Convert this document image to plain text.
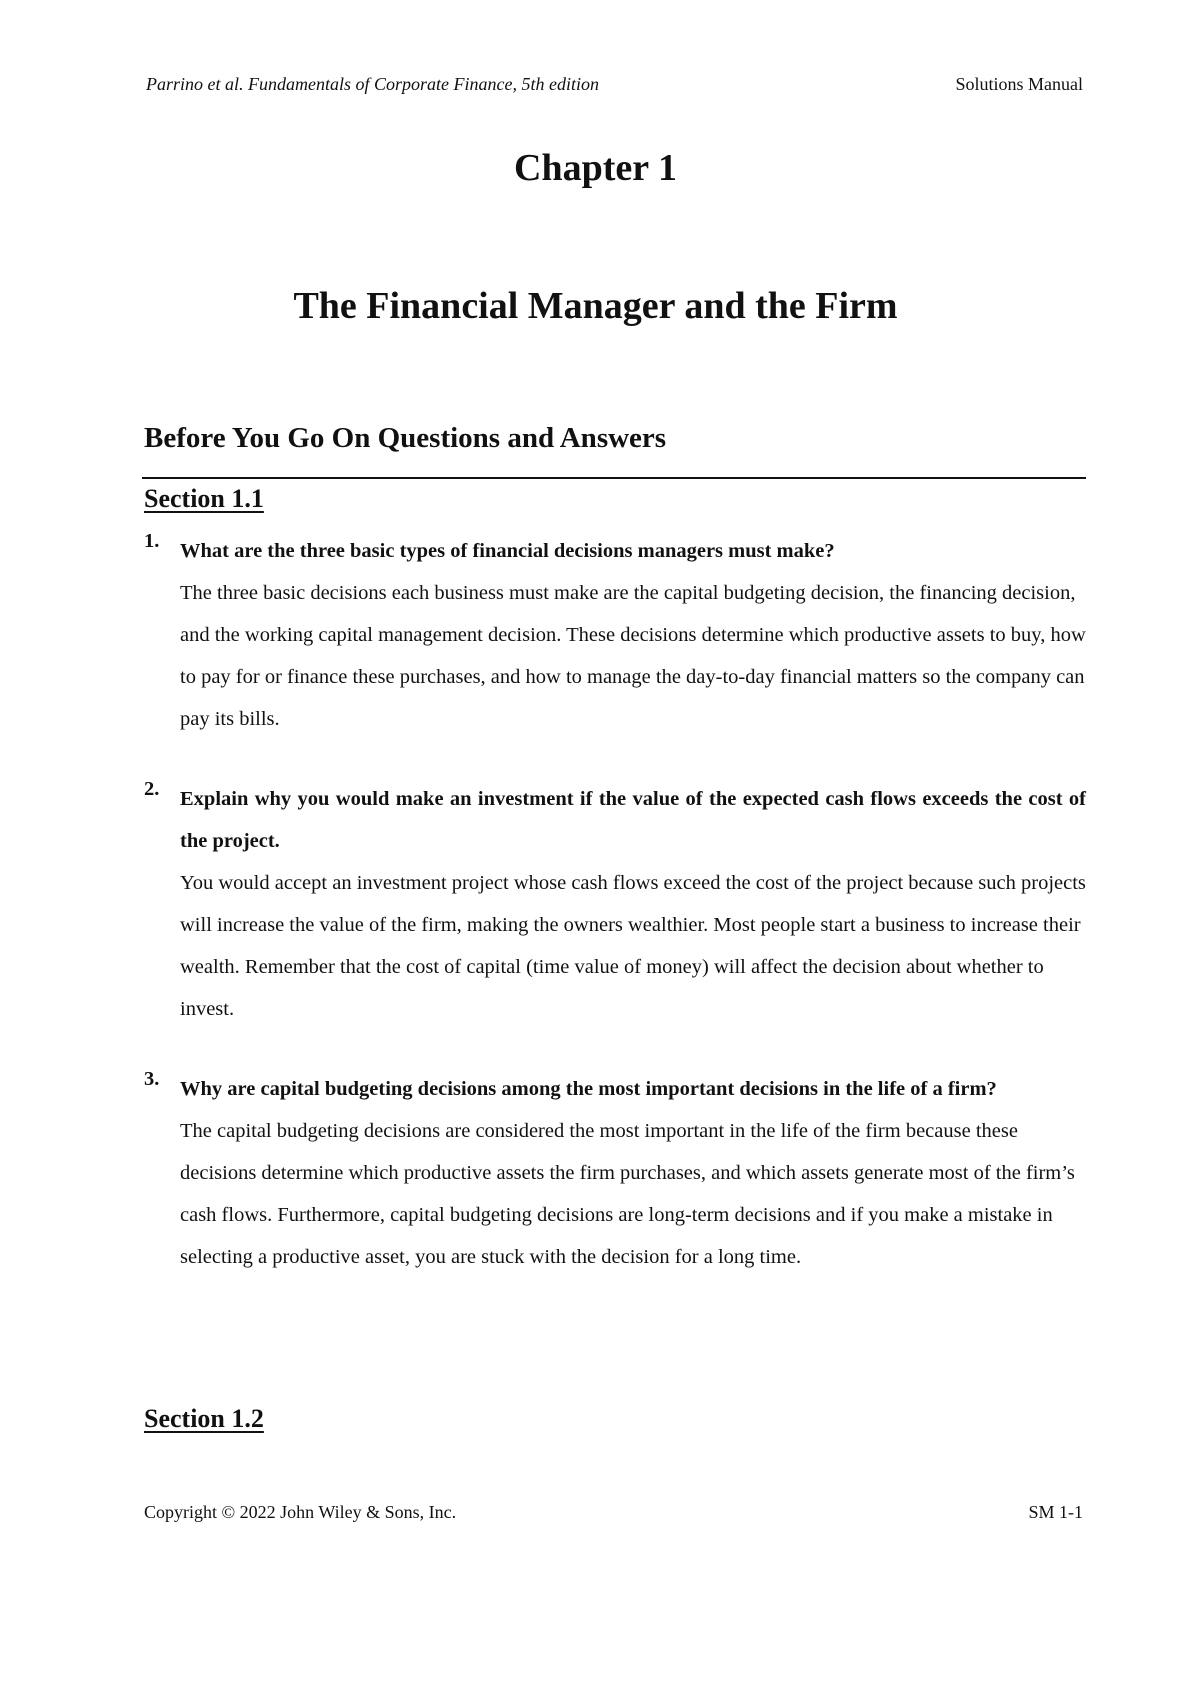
Parrino et al. Fundamentals of Corporate Finance, 5th edition	Solutions Manual
Chapter 1
The Financial Manager and the Firm
Before You Go On Questions and Answers
Section 1.1
1. What are the three basic types of financial decisions managers must make?
The three basic decisions each business must make are the capital budgeting decision, the financing decision, and the working capital management decision. These decisions determine which productive assets to buy, how to pay for or finance these purchases, and how to manage the day-to-day financial matters so the company can pay its bills.
2. Explain why you would make an investment if the value of the expected cash flows exceeds the cost of the project.
You would accept an investment project whose cash flows exceed the cost of the project because such projects will increase the value of the firm, making the owners wealthier. Most people start a business to increase their wealth. Remember that the cost of capital (time value of money) will affect the decision about whether to invest.
3. Why are capital budgeting decisions among the most important decisions in the life of a firm?
The capital budgeting decisions are considered the most important in the life of the firm because these decisions determine which productive assets the firm purchases, and which assets generate most of the firm’s cash flows. Furthermore, capital budgeting decisions are long-term decisions and if you make a mistake in selecting a productive asset, you are stuck with the decision for a long time.
Section 1.2
Copyright © 2022 John Wiley & Sons, Inc.	SM 1-1
